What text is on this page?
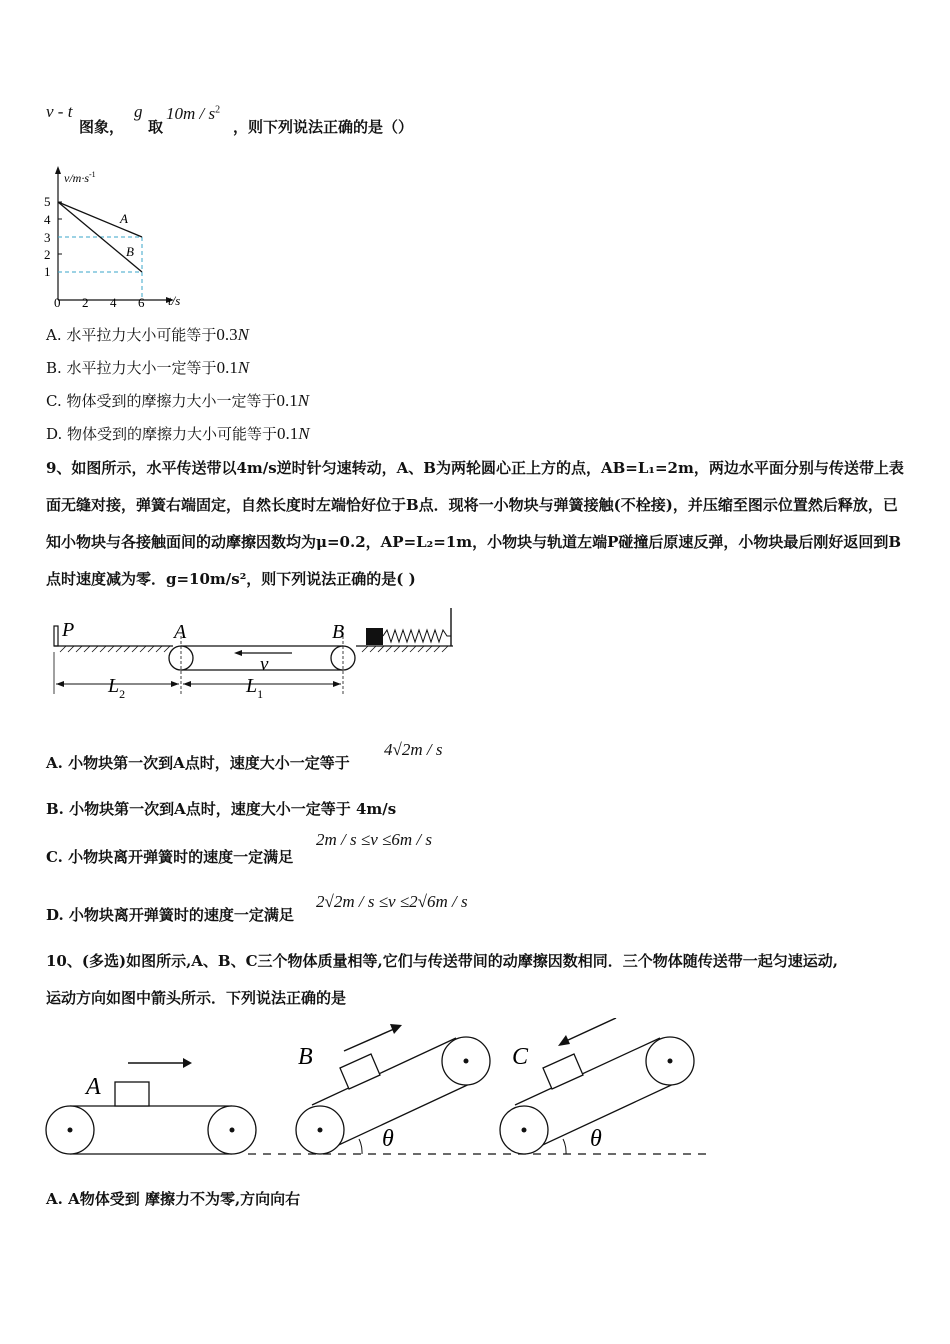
v - t
图象，
g
取
$10m / s^2$
，则下列说法正确的是（）
$v/m\cdot s^{-1}$
t/s
5
4
3
2
1
0 2 4 6
A
B
A. 水平拉力大小可能等于0.3N
B. 水平拉力大小一定等于0.1N
C. 物体受到的摩擦力大小一定等于0.1N
D. 物体受到的摩擦力大小可能等于0.1N
9、如图所示，水平传送带以4m/s逆时针匀速转动，A、B为两轮圆心正上方的点，AB=L₁=2m，两边水平面分别与传送带上表面无缝对接，弹簧右端固定，自然长度时左端恰好位于B点．现将一小物块与弹簧接触(不栓接)，并压缩至图示位置然后释放，已知小物块与各接触面间的动摩擦因数均为μ=0.2，AP=L₂=1m，小物块与轨道左端P碰撞后原速反弹，小物块最后刚好返回到B点时速度减为零．g=10m/s²，则下列说法正确的是( )
P	A	B
v
$L_2$	$L_1$
A. 小物块第一次到A点时，速度大小一定等于
4√2m / s
B. 小物块第一次到A点时，速度大小一定等于 4m/s
C. 小物块离开弹簧时的速度一定满足
2m / s ≤v ≤6m / s
D. 小物块离开弹簧时的速度一定满足
2√2m / s ≤v ≤2√6m / s
10、(多选)如图所示,A、B、C三个物体质量相等,它们与传送带间的动摩擦因数相同．三个物体随传送带一起匀速运动,
运动方向如图中箭头所示．下列说法正确的是
A
B
θ
C
θ
A. A物体受到 摩擦力不为零,方向向右
